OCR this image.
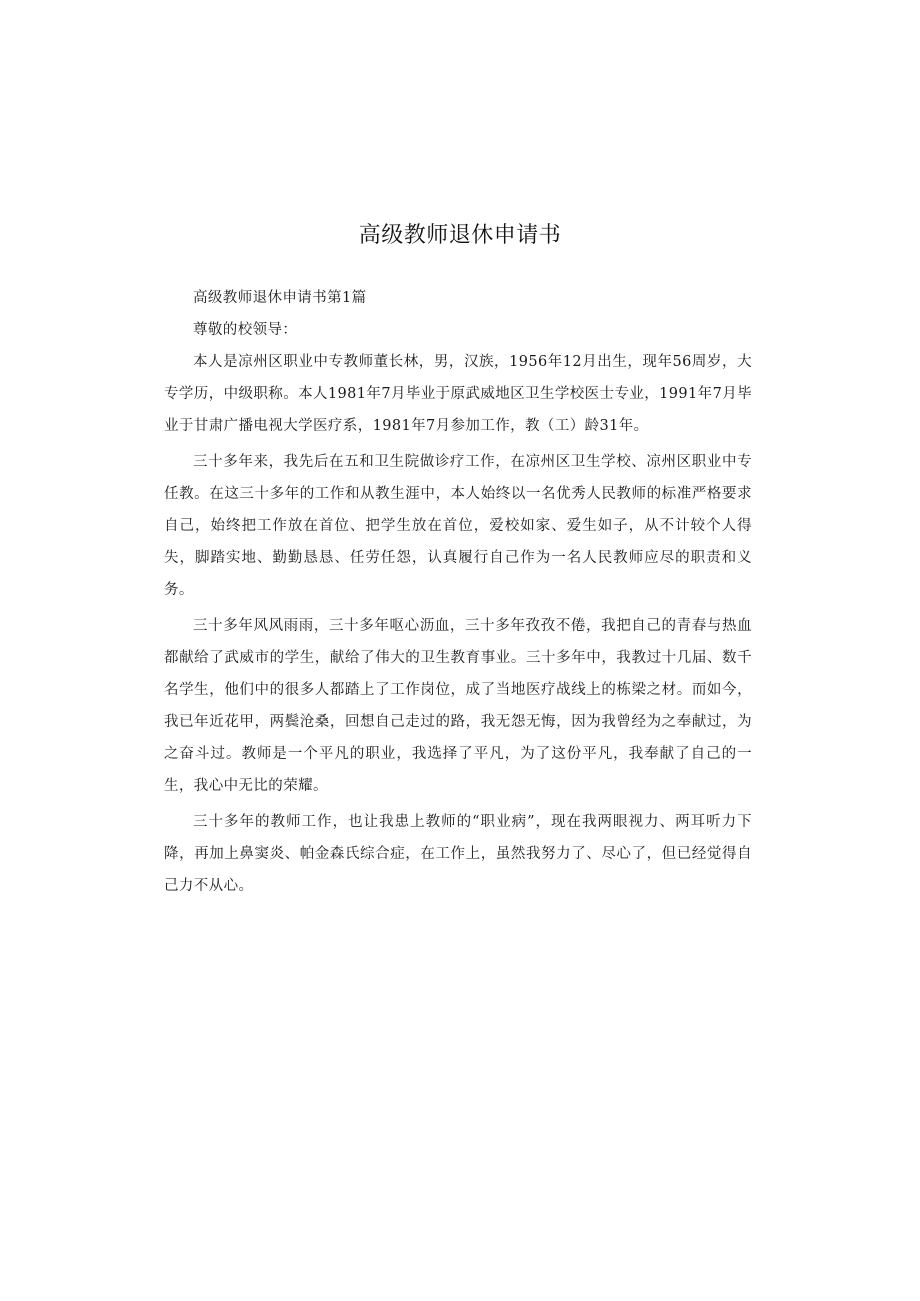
高级教师退休申请书

高级教师退休申请书第1篇

尊敬的校领导：

本人是凉州区职业中专教师董长林，男，汉族，1956年12月出生，现年56周岁，大专学历，中级职称。本人1981年7月毕业于原武威地区卫生学校医士专业，1991年7月毕业于甘肃广播电视大学医疗系，1981年7月参加工作，教（工）龄31年。

三十多年来，我先后在五和卫生院做诊疗工作，在凉州区卫生学校、凉州区职业中专任教。在这三十多年的工作和从教生涯中，本人始终以一名优秀人民教师的标准严格要求自己，始终把工作放在首位、把学生放在首位，爱校如家、爱生如子，从不计较个人得失，脚踏实地、勤勤恳恳、任劳任怨，认真履行自己作为一名人民教师应尽的职责和义务。

三十多年风风雨雨，三十多年呕心沥血，三十多年孜孜不倦，我把自己的青春与热血都献给了武威市的学生，献给了伟大的卫生教育事业。三十多年中，我教过十几届、数千名学生，他们中的很多人都踏上了工作岗位，成了当地医疗战线上的栋梁之材。而如今，我已年近花甲，两鬓沧桑，回想自己走过的路，我无怨无悔，因为我曾经为之奉献过，为之奋斗过。教师是一个平凡的职业，我选择了平凡，为了这份平凡，我奉献了自己的一生，我心中无比的荣耀。

三十多年的教师工作，也让我患上教师的“职业病”，现在我两眼视力、两耳听力下降，再加上鼻窦炎、帕金森氏综合症，在工作上，虽然我努力了、尽心了，但已经觉得自己力不从心。
